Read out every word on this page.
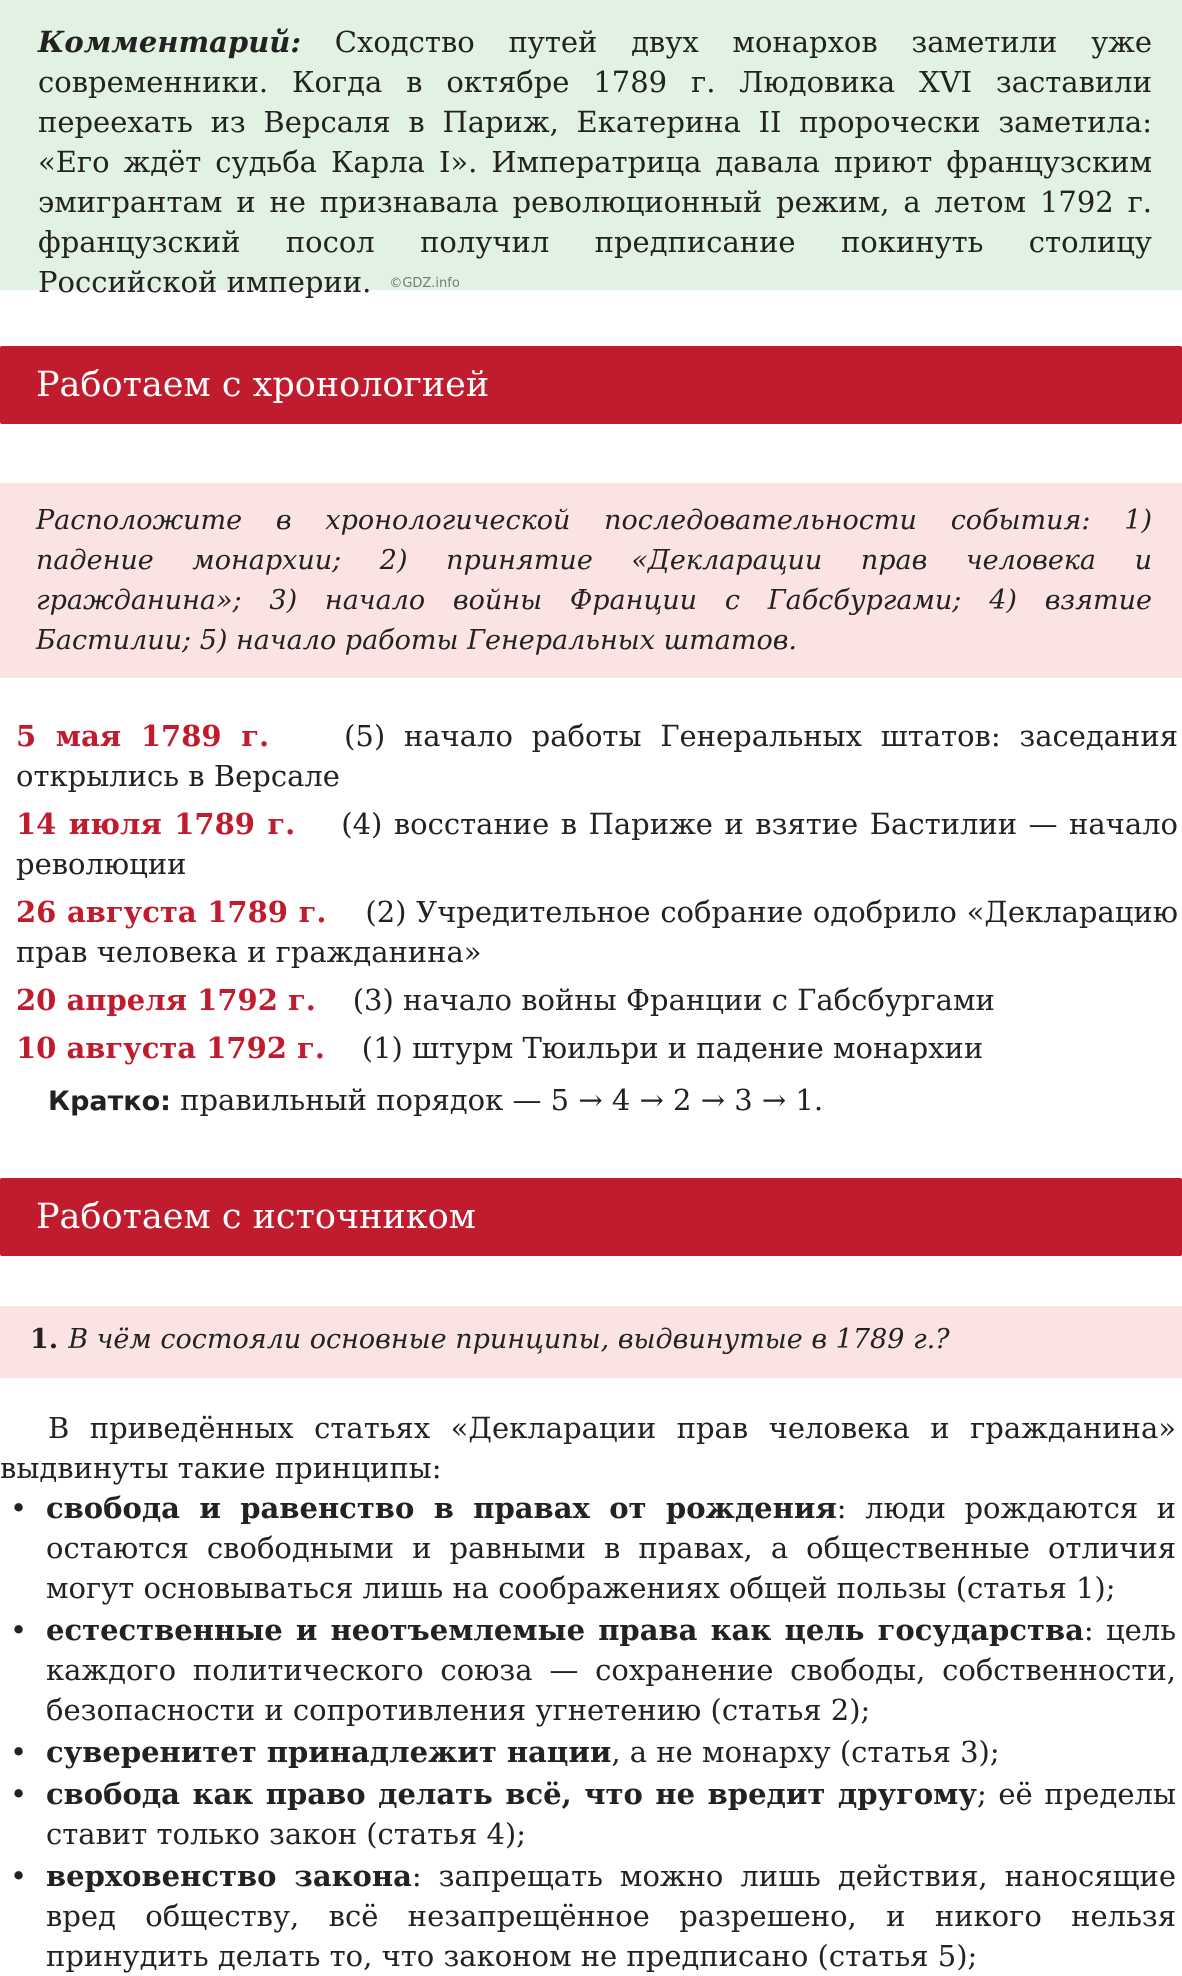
Комментарий: Сходство путей двух монархов заметили уже современники. Когда в октябре 1789 г. Людовика XVI заставили переехать из Версаля в Париж, Екатерина II пророчески заметила: «Его ждёт судьба Карла I». Императрица давала приют французским эмигрантам и не признавала революционный режим, а летом 1792 г. французский посол получил предписание покинуть столицу Российской империи. ©GDZ.info
Работаем с хронологией
Расположите в хронологической последовательности события: 1) падение монархии; 2) принятие «Декларации прав человека и гражданина»; 3) начало войны Франции с Габсбургами; 4) взятие Бастилии; 5) начало работы Генеральных штатов.
5 мая 1789 г.	(5) начало работы Генеральных штатов: заседания открылись в Версале
14 июля 1789 г. (4) восстание в Париже и взятие Бастилии — начало революции
26 августа 1789 г. (2) Учредительное собрание одобрило «Декларацию прав человека и гражданина»
20 апреля 1792 г. (3) начало войны Франции с Габсбургами
10 августа 1792 г. (1) штурм Тюильри и падение монархии
Кратко: правильный порядок — 5 → 4 → 2 → 3 → 1.
Работаем с источником
1. В чём состояли основные принципы, выдвинутые в 1789 г.?

В приведённых статьях «Декларации прав человека и гражданина» выдвинуты такие принципы:

• свобода и равенство в правах от рождения: люди рождаются и остаются свободными и равными в правах, а общественные отличия могут основываться лишь на соображениях общей пользы (статья 1);
• естественные и неотъемлемые права как цель государства: цель каждого политического союза — сохранение свободы, собственности, безопасности и сопротивления угнетению (статья 2);
• суверенитет принадлежит нации, а не монарху (статья 3);
• свобода как право делать всё, что не вредит другому; её пределы ставит только закон (статья 4);
• верховенство закона: запрещать можно лишь действия, наносящие вред обществу, всё незапрещённое разрешено, и никого нельзя принудить делать то, что законом не предписано (статья 5);
